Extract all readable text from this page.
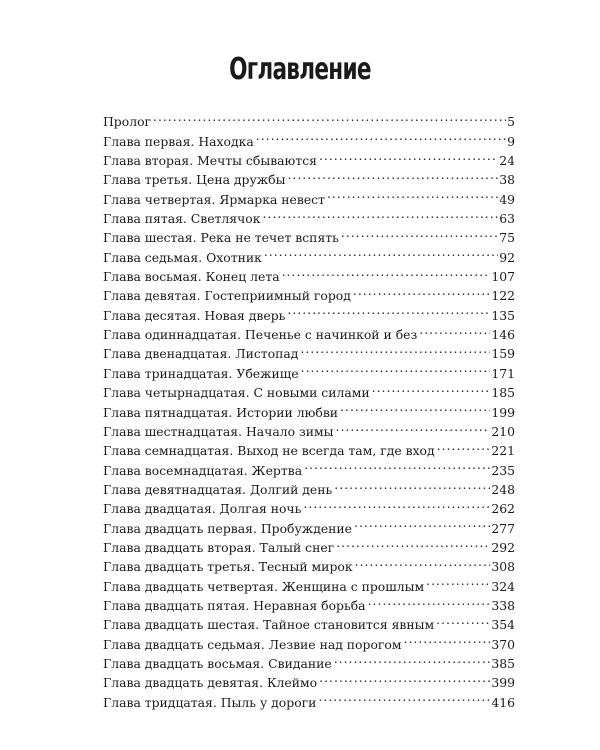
Оглавление
Пролог .....	5
Глава первая. Находка .....	9
Глава вторая. Мечты сбываются .....	24
Глава третья. Цена дружбы .....	38
Глава четвертая. Ярмарка невест .....	49
Глава пятая. Светлячок .....	63
Глава шестая. Река не течет вспять .....	75
Глава седьмая. Охотник .....	92
Глава восьмая. Конец лета .....	107
Глава девятая. Гостеприимный город .....	122
Глава десятая. Новая дверь .....	135
Глава одиннадцатая. Печенье с начинкой и без .....	146
Глава двенадцатая. Листопад .....	159
Глава тринадцатая. Убежище .....	171
Глава четырнадцатая. С новыми силами .....	185
Глава пятнадцатая. Истории любви .....	199
Глава шестнадцатая. Начало зимы .....	210
Глава семнадцатая. Выход не всегда там, где вход .....	221
Глава восемнадцатая. Жертва .....	235
Глава девятнадцатая. Долгий день .....	248
Глава двадцатая. Долгая ночь .....	262
Глава двадцать первая. Пробуждение .....	277
Глава двадцать вторая. Талый снег .....	292
Глава двадцать третья. Тесный мирок .....	308
Глава двадцать четвертая. Женщина с прошлым .....	324
Глава двадцать пятая. Неравная борьба .....	338
Глава двадцать шестая. Тайное становится явным .....	354
Глава двадцать седьмая. Лезвие над порогом .....	370
Глава двадцать восьмая. Свидание .....	385
Глава двадцать девятая. Клеймо .....	399
Глава тридцатая. Пыль у дороги .....	416
